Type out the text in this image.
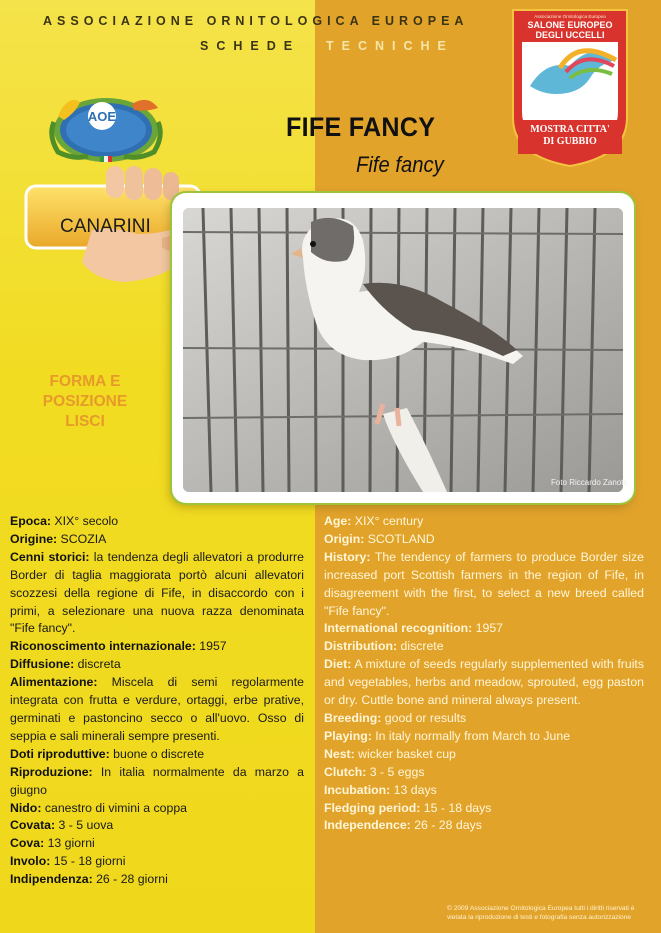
ASSOCIAZIONE ORNITOLOGICA EUROPEA
SCHEDE TECNICHE
AOE
Associazione Ornitologica Europea
SALONE EUROPEO
DEGLI UCCELLI
MOSTRA CITTA'
DI GUBBIO
FIFE FANCY
Fife fancy
CANARINI
FORMA E
POSIZIONE
LISCI
Foto Riccardo Zanotti

Epoca: XIX° secolo

Origine: SCOZIA

Cenni storici: la tendenza degli allevatori a produrre Border di taglia maggiorata portò alcuni allevatori scozzesi della regione di Fife, in disaccordo con i primi, a selezionare una nuova razza denominata "Fife fancy".

Riconoscimento internazionale: 1957

Diffusione: discreta

Alimentazione: Miscela di semi regolarmente integrata con frutta e verdure, ortaggi, erbe prative, germinati e pastoncino secco o all'uovo. Osso di seppia e sali minerali sempre presenti.

Doti riproduttive: buone o discrete

Riproduzione: In italia normalmente da marzo a giugno

Nido: canestro di vimini a coppa

Covata: 3 - 5 uova

Cova: 13 giorni

Involo: 15 - 18 giorni

Indipendenza: 26 - 28 giorni

Age: XIX° century

Origin: SCOTLAND

History: The tendency of farmers to produce Border size increased port Scottish farmers in the region of Fife, in disagreement with the first, to select a new breed called "Fife fancy".

International recognition: 1957

Distribution: discrete

Diet: A mixture of seeds regularly supplemented with fruits and vegetables, herbs and meadow, sprouted, egg paston or dry. Cuttle bone and mineral always present.

Breeding: good or results

Playing: In italy normally from March to June

Nest: wicker basket cup

Clutch: 3 - 5 eggs

Incubation: 13 days

Fledging period: 15 - 18 days

Independence: 26 - 28 days

© 2009 Associazione Ornitologica Europea tutti i diritti riservati è
vietata la riproduzione di testi e fotografia senza autorizzazione
